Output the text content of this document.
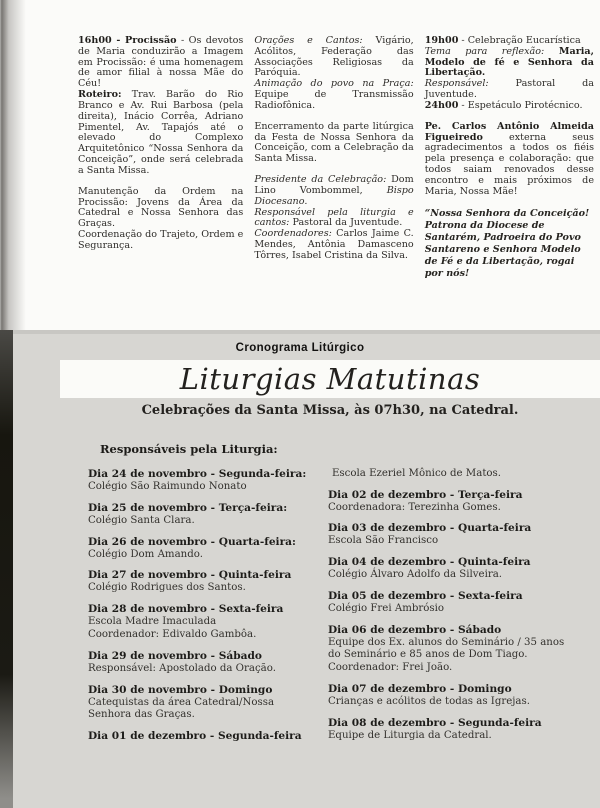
16h00 - Procissão - Os devotos de Maria conduzirão a Imagem em Procissão: é uma homenagem de amor filial à nossa Mãe do Céu!
Roteiro: Trav. Barão do Rio Branco e Av. Rui Barbosa (pela direita), Inácio Corrêa, Adriano Pimentel, Av. Tapajós até o elevado do Complexo Arquitetônico “Nossa Senhora da Conceição”, onde será celebrada a Santa Missa.

Manutenção da Ordem na Procissão: Jovens da Área da Catedral e Nossa Senhora das Graças.
Coordenação do Trajeto, Ordem e Segurança.

Orações e Cantos: Vigário, Acólitos, Federação das Associações Religiosas da Paróquia.
Animação do povo na Praça: Equipe de Transmissão Radiofônica.

Encerramento da parte litúrgica da Festa de Nossa Senhora da Conceição, com a Celebração da Santa Missa.

Presidente da Celebração: Dom Lino Vombommel, Bispo Diocesano.
Responsável pela liturgia e cantos: Pastoral da Juventude.
Coordenadores: Carlos Jaime C. Mendes, Antônia Damasceno Tôrres, Isabel Cristina da Silva.

19h00 - Celebração Eucarística
Tema para reflexão: Maria, Modelo de fé e Senhora da Libertação.
Responsável: Pastoral da Juventude.
24h00 - Espetáculo Pirotécnico.

Pe. Carlos Antônio Almeida Figueiredo externa seus agradecimentos a todos os fiéis pela presença e colaboração: que todos saiam renovados desse encontro e mais próximos de Maria, Nossa Mãe!

“Nossa Senhora da Conceição! Patrona da Diocese de Santarém, Padroeira do Povo Santareno e Senhora Modelo de Fé e da Libertação, rogai por nós!

Cronograma Litúrgico
Liturgias Matutinas
Celebrações da Santa Missa, às 07h30, na Catedral.
Responsáveis pela Liturgia:
Dia 24 de novembro - Segunda-feira:
Colégio São Raimundo Nonato
Dia 25 de novembro - Terça-feira:
Colégio Santa Clara.
Dia 26 de novembro - Quarta-feira:
Colégio Dom Amando.
Dia 27 de novembro - Quinta-feira
Colégio Rodrigues dos Santos.
Dia 28 de novembro - Sexta-feira
Escola Madre Imaculada
Coordenador: Edivaldo Gambôa.
Dia 29 de novembro - Sábado
Responsável: Apostolado da Oração.
Dia 30 de novembro - Domingo
Catequistas da área Catedral/Nossa Senhora das Graças.
Dia 01 de dezembro - Segunda-feira
Escola Ezeriel Mônico de Matos.
Dia 02 de dezembro - Terça-feira
Coordenadora: Terezinha Gomes.
Dia 03 de dezembro - Quarta-feira
Escola São Francisco
Dia 04 de dezembro - Quinta-feira
Colégio Álvaro Adolfo da Silveira.
Dia 05 de dezembro - Sexta-feira
Colégio Frei Ambrósio
Dia 06 de dezembro - Sábado
Equipe dos Ex. alunos do Seminário / 35 anos do Seminário e 85 anos de Dom Tiago.
Coordenador: Frei João.
Dia 07 de dezembro - Domingo
Crianças e acólitos de todas as Igrejas.
Dia 08 de dezembro - Segunda-feira
Equipe de Liturgia da Catedral.
